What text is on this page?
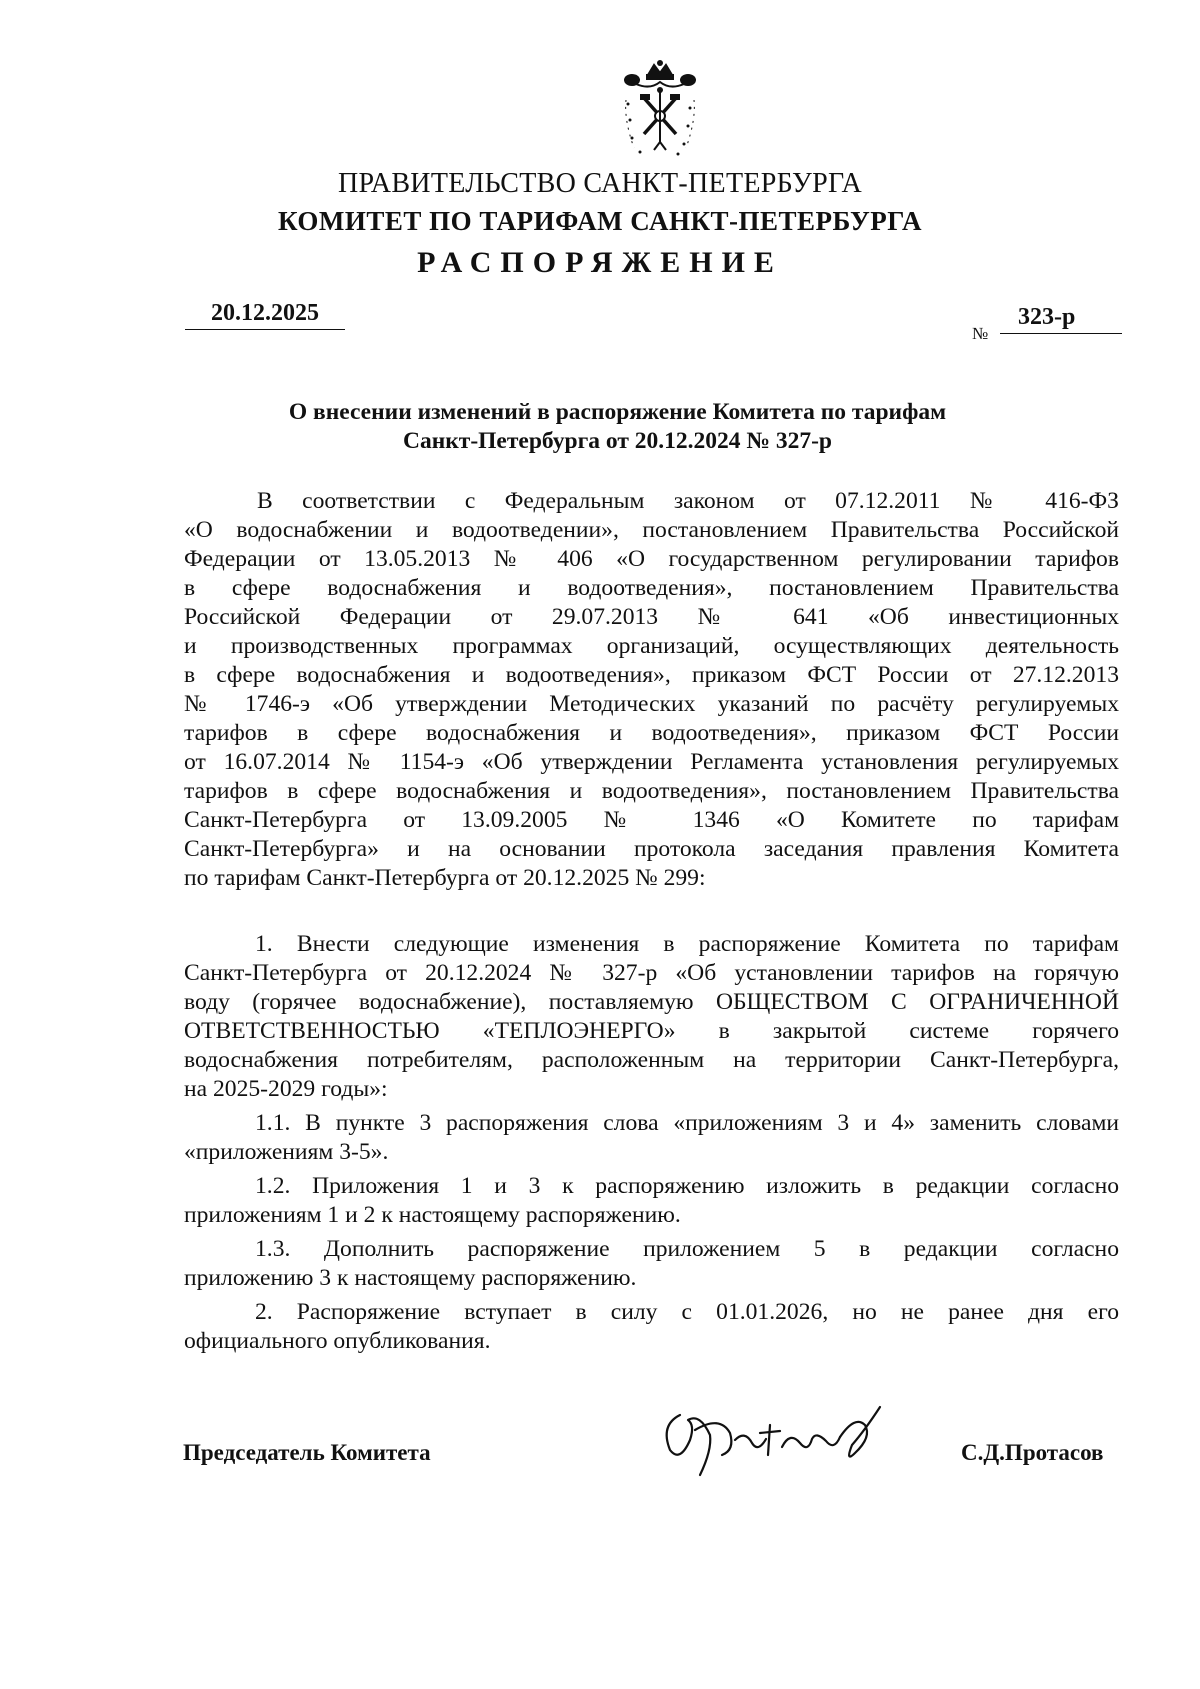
ПРАВИТЕЛЬСТВО САНКТ-ПЕТЕРБУРГА
КОМИТЕТ ПО ТАРИФАМ САНКТ-ПЕТЕРБУРГА
РАСПОРЯЖЕНИЕ
20.12.2025
№
323-р
О внесении изменений в распоряжение Комитета по тарифам
Санкт-Петербурга от 20.12.2024 № 327-р
В соответствии с Федеральным законом от 07.12.2011 № 416-ФЗ
«О водоснабжении и водоотведении», постановлением Правительства Российской
Федерации от 13.05.2013 № 406 «О государственном регулировании тарифов
в сфере водоснабжения и водоотведения», постановлением Правительства
Российской Федерации от 29.07.2013 № 641 «Об инвестиционных
и производственных программах организаций, осуществляющих деятельность
в сфере водоснабжения и водоотведения», приказом ФСТ России от 27.12.2013
№ 1746-э «Об утверждении Методических указаний по расчёту регулируемых
тарифов в сфере водоснабжения и водоотведения», приказом ФСТ России
от 16.07.2014 № 1154-э «Об утверждении Регламента установления регулируемых
тарифов в сфере водоснабжения и водоотведения», постановлением Правительства
Санкт-Петербурга от 13.09.2005 № 1346 «О Комитете по тарифам
Санкт-Петербурга» и на основании протокола заседания правления Комитета
по тарифам Санкт-Петербурга от 20.12.2025 № 299:
1. Внести следующие изменения в распоряжение Комитета по тарифам
Санкт-Петербурга от 20.12.2024 № 327-р «Об установлении тарифов на горячую
воду (горячее водоснабжение), поставляемую ОБЩЕСТВОМ С ОГРАНИЧЕННОЙ
ОТВЕТСТВЕННОСТЬЮ «ТЕПЛОЭНЕРГО» в закрытой системе горячего
водоснабжения потребителям, расположенным на территории Санкт-Петербурга,
на 2025-2029 годы»:
1.1. В пункте 3 распоряжения слова «приложениям 3 и 4» заменить словами
«приложениям 3-5».
1.2. Приложения 1 и 3 к распоряжению изложить в редакции согласно
приложениям 1 и 2 к настоящему распоряжению.
1.3. Дополнить распоряжение приложением 5 в редакции согласно
приложению 3 к настоящему распоряжению.
2. Распоряжение вступает в силу с 01.01.2026, но не ранее дня его
официального опубликования.
Председатель Комитета	С.Д.Протасов
